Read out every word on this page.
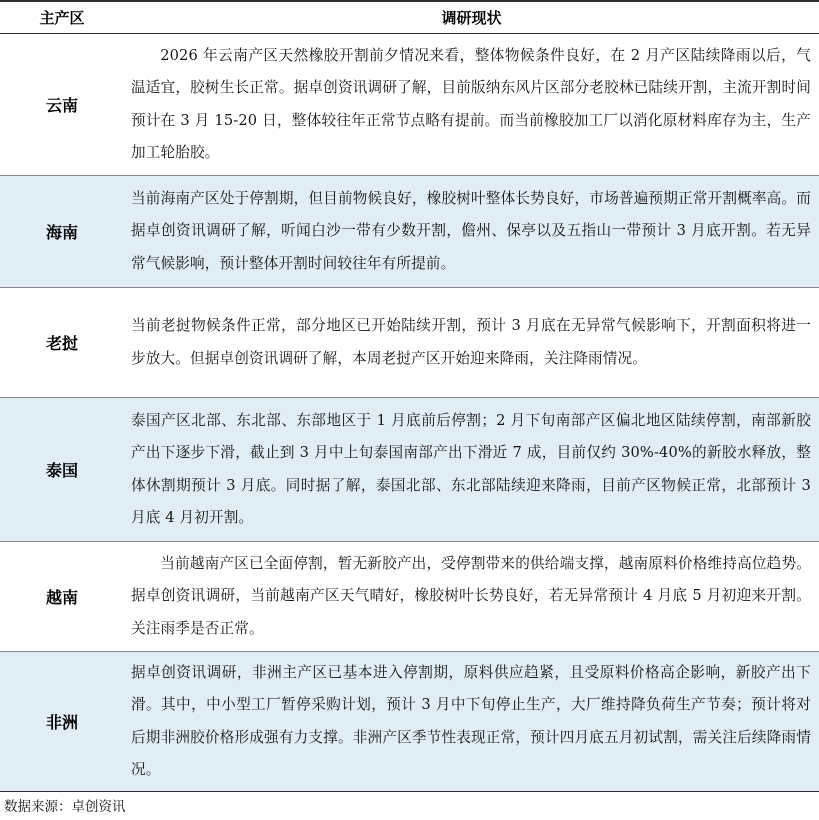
主产区	调研现状
云南	2026 年云南产区天然橡胶开割前夕情况来看，整体物候条件良好，在 2 月产区陆续降雨以后，气温适宜，胶树生长正常。据卓创资讯调研了解，目前版纳东风片区部分老胶林已陆续开割，主流开割时间预计在 3 月 15-20 日，整体较往年正常节点略有提前。而当前橡胶加工厂以消化原材料库存为主，生产加工轮胎胶。

海南	当前海南产区处于停割期，但目前物候良好，橡胶树叶整体长势良好，市场普遍预期正常开割概率高。而据卓创资讯调研了解，听闻白沙一带有少数开割，儋州、保亭以及五指山一带预计 3 月底开割。若无异常气候影响，预计整体开割时间较往年有所提前。

老挝	当前老挝物候条件正常，部分地区已开始陆续开割，预计 3 月底在无异常气候影响下，开割面积将进一步放大。但据卓创资讯调研了解，本周老挝产区开始迎来降雨，关注降雨情况。

泰国	泰国产区北部、东北部、东部地区于 1 月底前后停割；2 月下旬南部产区偏北地区陆续停割，南部新胶产出下逐步下滑，截止到 3 月中上旬泰国南部产出下滑近 7 成，目前仅约 30%-40%的新胶水释放，整体休割期预计 3 月底。同时据了解，泰国北部、东北部陆续迎来降雨，目前产区物候正常，北部预计 3 月底 4 月初开割。

越南	当前越南产区已全面停割，暂无新胶产出，受停割带来的供给端支撑，越南原料价格维持高位趋势。据卓创资讯调研，当前越南产区天气晴好，橡胶树叶长势良好，若无异常预计 4 月底 5 月初迎来开割。关注雨季是否正常。

非洲	据卓创资讯调研，非洲主产区已基本进入停割期，原料供应趋紧，且受原料价格高企影响，新胶产出下滑。其中，中小型工厂暂停采购计划，预计 3 月中下旬停止生产，大厂维持降负荷生产节奏；预计将对后期非洲胶价格形成强有力支撑。非洲产区季节性表现正常，预计四月底五月初试割，需关注后续降雨情况。
数据来源：卓创资讯
